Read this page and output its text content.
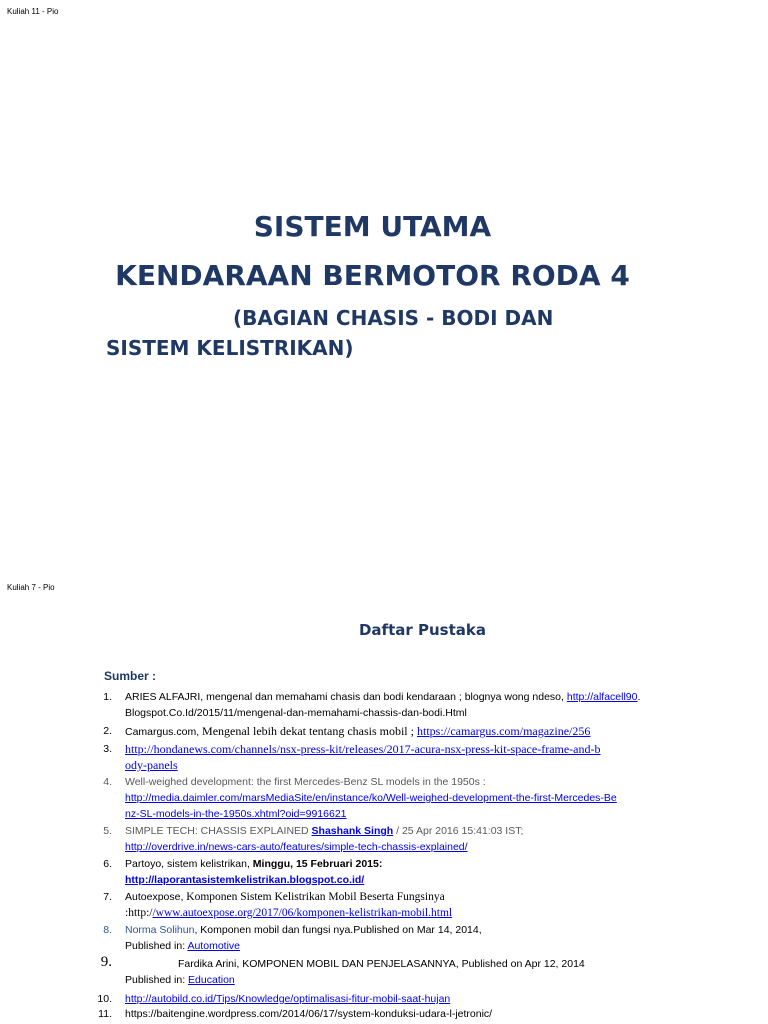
Kuliah 11 - Pio
SISTEM UTAMA
KENDARAAN BERMOTOR RODA 4
(BAGIAN CHASIS - BODI DAN
SISTEM KELISTRIKAN)
Kuliah 7 - Pio
Daftar Pustaka
Sumber :
1. ARIES ALFAJRI, mengenal dan memahami chasis dan bodi kendaraan ; blognya wong ndeso, http://alfacell90.
Blogspot.Co.Id/2015/11/mengenal-dan-memahami-chassis-dan-bodi.Html
2. Camargus.com, Mengenal lebih dekat tentang chasis mobil ; https://camargus.com/magazine/256
3. http://hondanews.com/channels/nsx-press-kit/releases/2017-acura-nsx-press-kit-space-frame-and-b
ody-panels
4. Well-weighed development: the first Mercedes-Benz SL models in the 1950s :
http://media.daimler.com/marsMediaSite/en/instance/ko/Well-weighed-development-the-first-Mercedes-Be
nz-SL-models-in-the-1950s.xhtml?oid=9916621
5. SIMPLE TECH: CHASSIS EXPLAINED Shashank Singh / 25 Apr 2016 15:41:03 IST;
http://overdrive.in/news-cars-auto/features/simple-tech-chassis-explained/
6. Partoyo, sistem kelistrikan, Minggu, 15 Februari 2015:
http://laporantasistemkelistrikan.blogspot.co.id/
7. Autoexpose, Komponen Sistem Kelistrikan Mobil Beserta Fungsinya
:http://www.autoexpose.org/2017/06/komponen-kelistrikan-mobil.html
8. Norma Solihun, Komponen mobil dan fungsi nya.Published on Mar 14, 2014,
Published in: Automotive
9.	Fardika Arini, KOMPONEN MOBIL DAN PENJELASANNYA, Published on Apr 12, 2014
Published in: Education
10. http://autobild.co.id/Tips/Knowledge/optimalisasi-fitur-mobil-saat-hujan
11. https://baitengine.wordpress.com/2014/06/17/system-konduksi-udara-l-jetronic/
